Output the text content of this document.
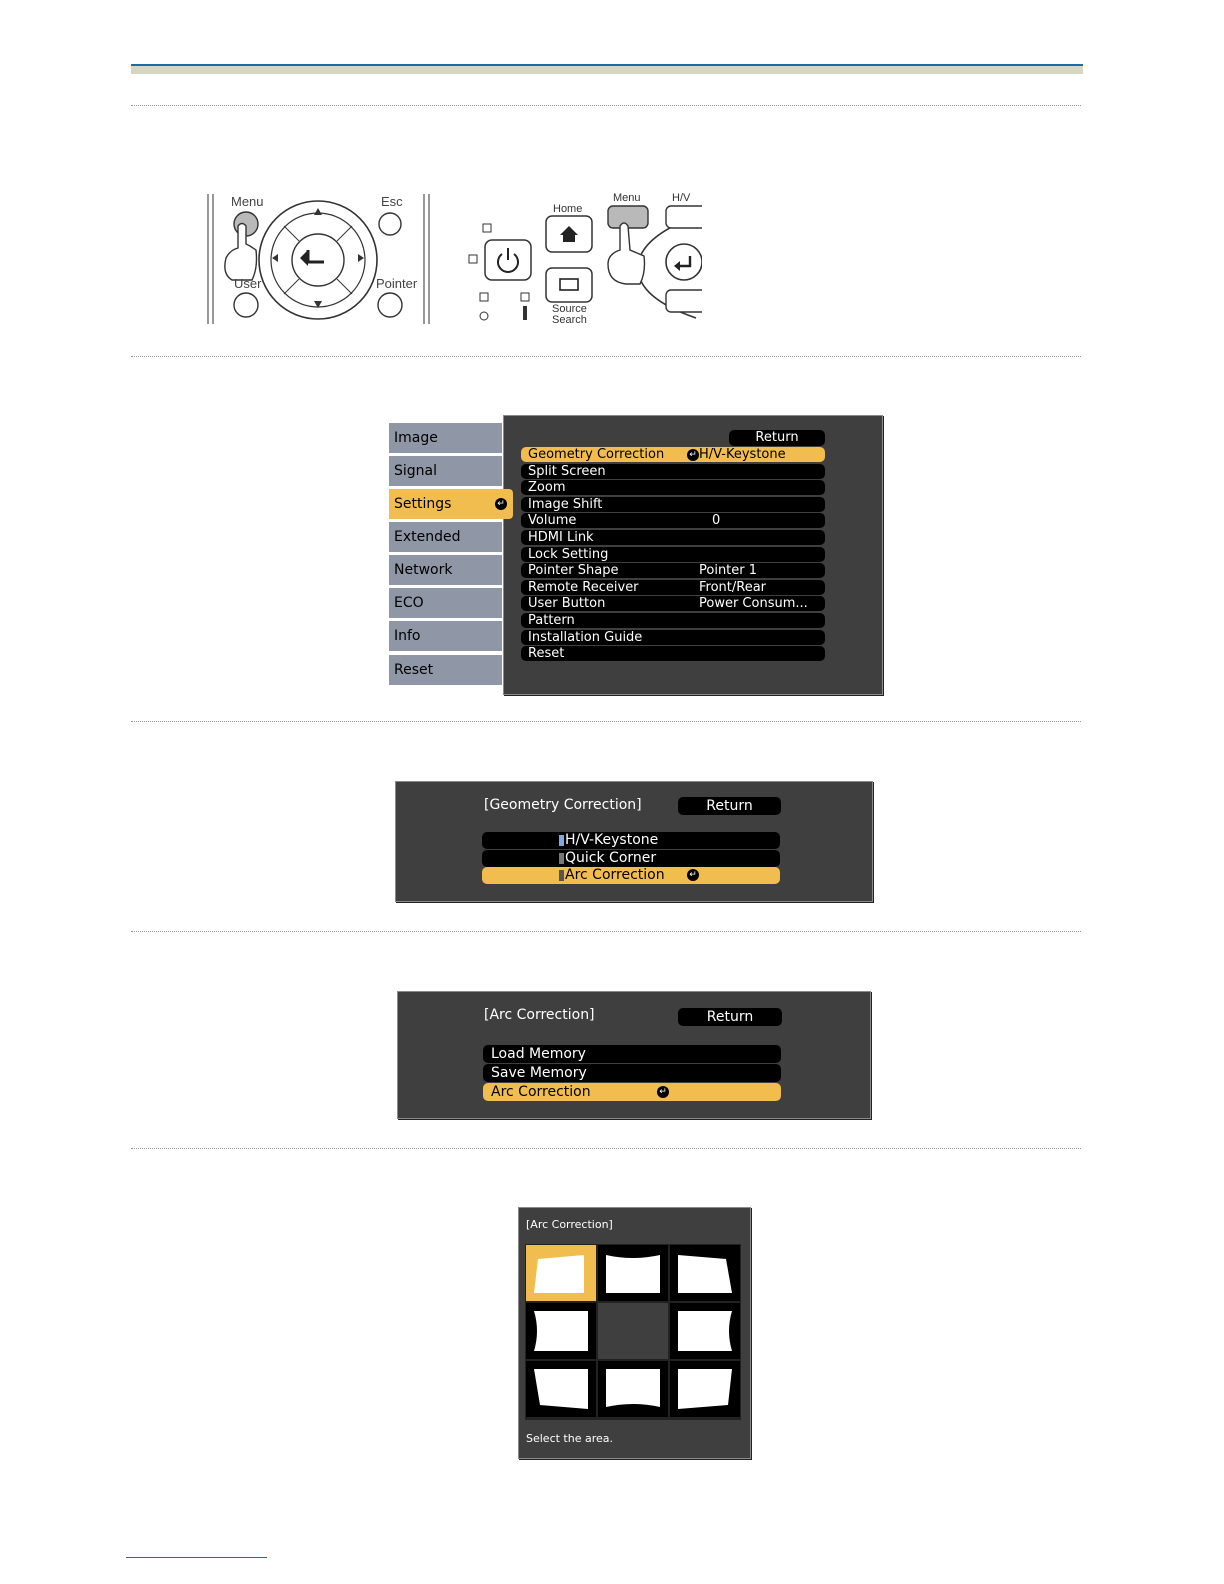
Menu	Esc
User	Pointer
Home
Menu	H/V
Source
Search
Image
Signal
Settings	↵
Extended
Network
ECO
Info
Reset
Return
Geometry Correction	↵ H/V-Keystone
Split Screen
Zoom
Image Shift
Volume	0
HDMI Link
Lock Setting
Pointer Shape	Pointer 1
Remote Receiver	Front/Rear
User Button	Power Consum...
Pattern
Installation Guide
Reset
[Geometry Correction]	Return
H/V-Keystone
Quick Corner
Arc Correction	↵
[Arc Correction]	Return
Load Memory
Save Memory
Arc Correction	↵
[Arc Correction]
Select the area.
